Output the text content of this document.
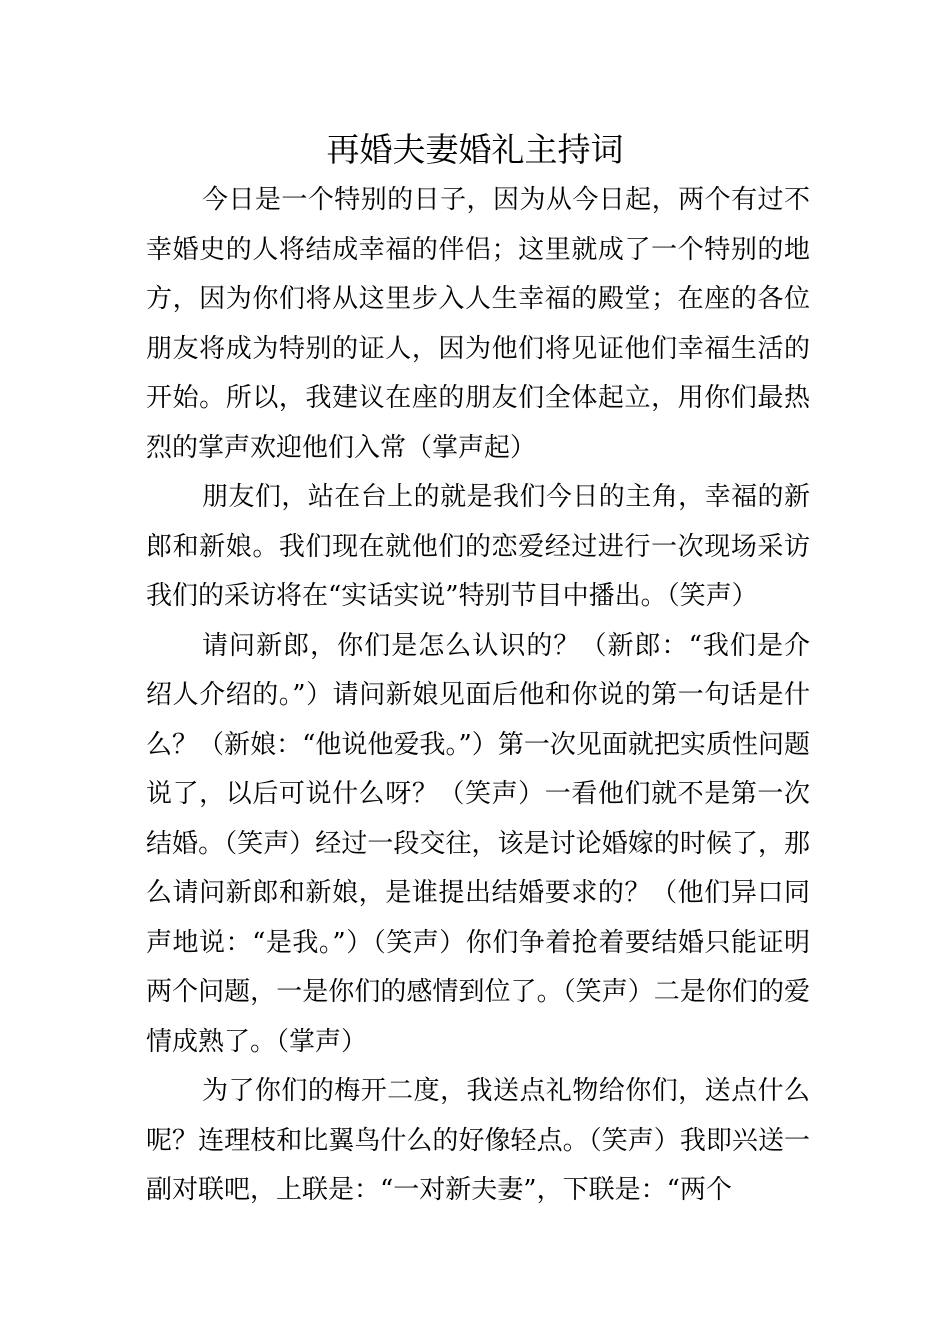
再婚夫妻婚礼主持词

今日是一个特别的日子，因为从今日起，两个有过不幸婚史的人将结成幸福的伴侣；这里就成了一个特别的地方，因为你们将从这里步入人生幸福的殿堂；在座的各位朋友将成为特别的证人，因为他们将见证他们幸福生活的开始。所以，我建议在座的朋友们全体起立，用你们最热烈的掌声欢迎他们入常（掌声起）

朋友们，站在台上的就是我们今日的主角，幸福的新郎和新娘。我们现在就他们的恋爱经过进行一次现场采访我们的采访将在“实话实说”特别节目中播出。（笑声）

请问新郎，你们是怎么认识的？（新郎：“我们是介绍人介绍的。”）请问新娘见面后他和你说的第一句话是什么？（新娘：“他说他爱我。”）第一次见面就把实质性问题说了，以后可说什么呀？（笑声）一看他们就不是第一次结婚。（笑声）经过一段交往，该是讨论婚嫁的时候了，那么请问新郎和新娘，是谁提出结婚要求的？（他们异口同声地说：“是我。”）（笑声）你们争着抢着要结婚只能证明两个问题，一是你们的感情到位了。（笑声）二是你们的爱情成熟了。（掌声）

为了你们的梅开二度，我送点礼物给你们，送点什么呢？连理枝和比翼鸟什么的好像轻点。（笑声）我即兴送一副对联吧，上联是：“一对新夫妻”，下联是：“两个
